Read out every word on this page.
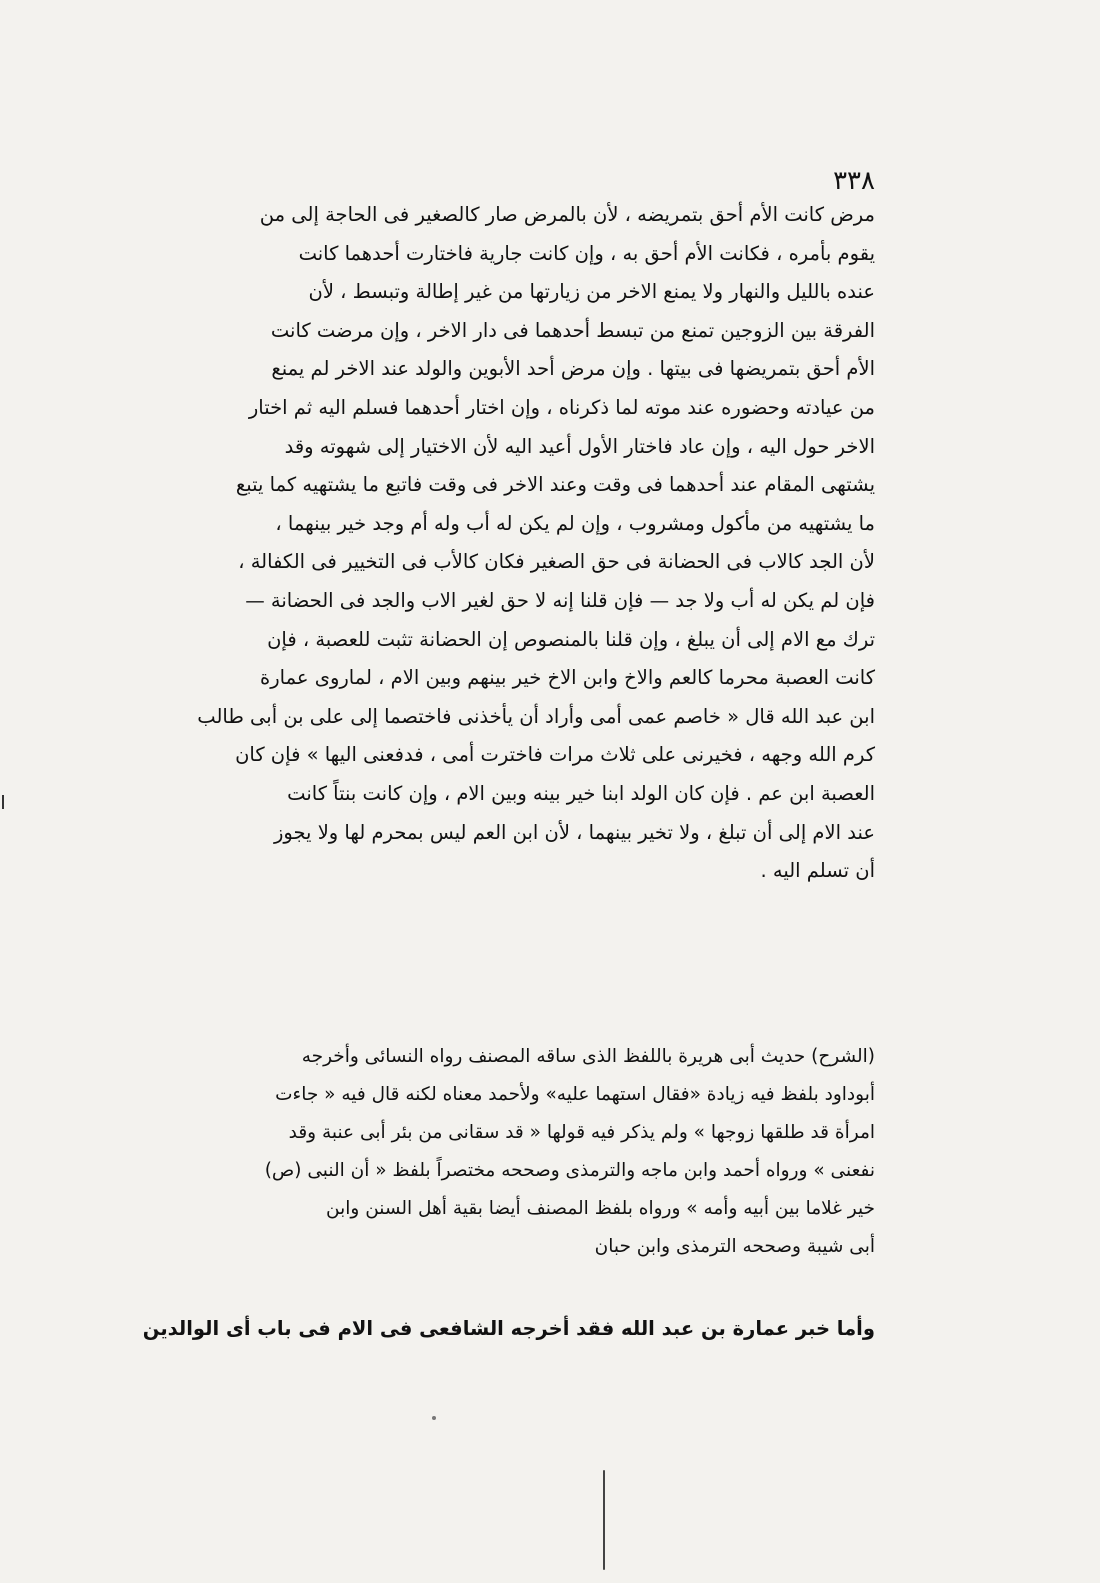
٣٣٨
مرض كانت الأم أحق بتمريضه ، لأن بالمرض صار كالصغير فى الحاجة إلى من
يقوم بأمره ، فكانت الأم أحق به ، وإن كانت جارية فاختارت أحدهما كانت
عنده بالليل والنهار ولا يمنع الاخر من زيارتها من غير إطالة وتبسط ، لأن
الفرقة بين الزوجين تمنع من تبسط أحدهما فى دار الاخر ، وإن مرضت كانت
الأم أحق بتمريضها فى بيتها . وإن مرض أحد الأبوين والولد عند الاخر لم يمنع
من عيادته وحضوره عند موته لما ذكرناه ، وإن اختار أحدهما فسلم اليه ثم اختار
الاخر حول اليه ، وإن عاد فاختار الأول أعيد اليه لأن الاختيار إلى شهوته وقد
يشتهى المقام عند أحدهما فى وقت وعند الاخر فى وقت فاتبع ما يشتهيه كما يتبع
ما يشتهيه من مأكول ومشروب ، وإن لم يكن له أب وله أم وجد خير بينهما ،
لأن الجد كالاب فى الحضانة فى حق الصغير فكان كالأب فى التخيير فى الكفالة ،
فإن لم يكن له أب ولا جد — فإن قلنا إنه لا حق لغير الاب والجد فى الحضانة —
ترك مع الام إلى أن يبلغ ، وإن قلنا بالمنصوص إن الحضانة تثبت للعصبة ، فإن
كانت العصبة محرما كالعم والاخ وابن الاخ خير بينهم وبين الام ، لماروى عمارة
ابن عبد الله قال « خاصم عمى أمى وأراد أن يأخذنى فاختصما إلى على بن أبى طالب
كرم الله وجهه ، فخيرنى على ثلاث مرات فاخترت أمى ، فدفعنى اليها » فإن كان
العصبة ابن عم . فإن كان الولد ابنا خير بينه وبين الام ، وإن كانت بنتاً كانت
عند الام إلى أن تبلغ ، ولا تخير بينهما ، لأن ابن العم ليس بمحرم لها ولا يجوز
أن تسلم اليه .
(الشرح) حديث أبى هريرة باللفظ الذى ساقه المصنف رواه النسائى وأخرجه
أبوداود بلفظ فيه زيادة «فقال استهما عليه» ولأحمد معناه لكنه قال فيه « جاءت
امرأة قد طلقها زوجها » ولم يذكر فيه قولها « قد سقانى من بئر أبى عنبة وقد
نفعنى » ورواه أحمد وابن ماجه والترمذى وصححه مختصراً بلفظ « أن النبى (ص)
خير غلاما بين أبيه وأمه » ورواه بلفظ المصنف أيضا بقية أهل السنن وابن
أبى شيبة وصححه الترمذى وابن حبان
وأما خبر عمارة بن عبد الله فقد أخرجه الشافعى فى الام فى باب أى الوالدين
